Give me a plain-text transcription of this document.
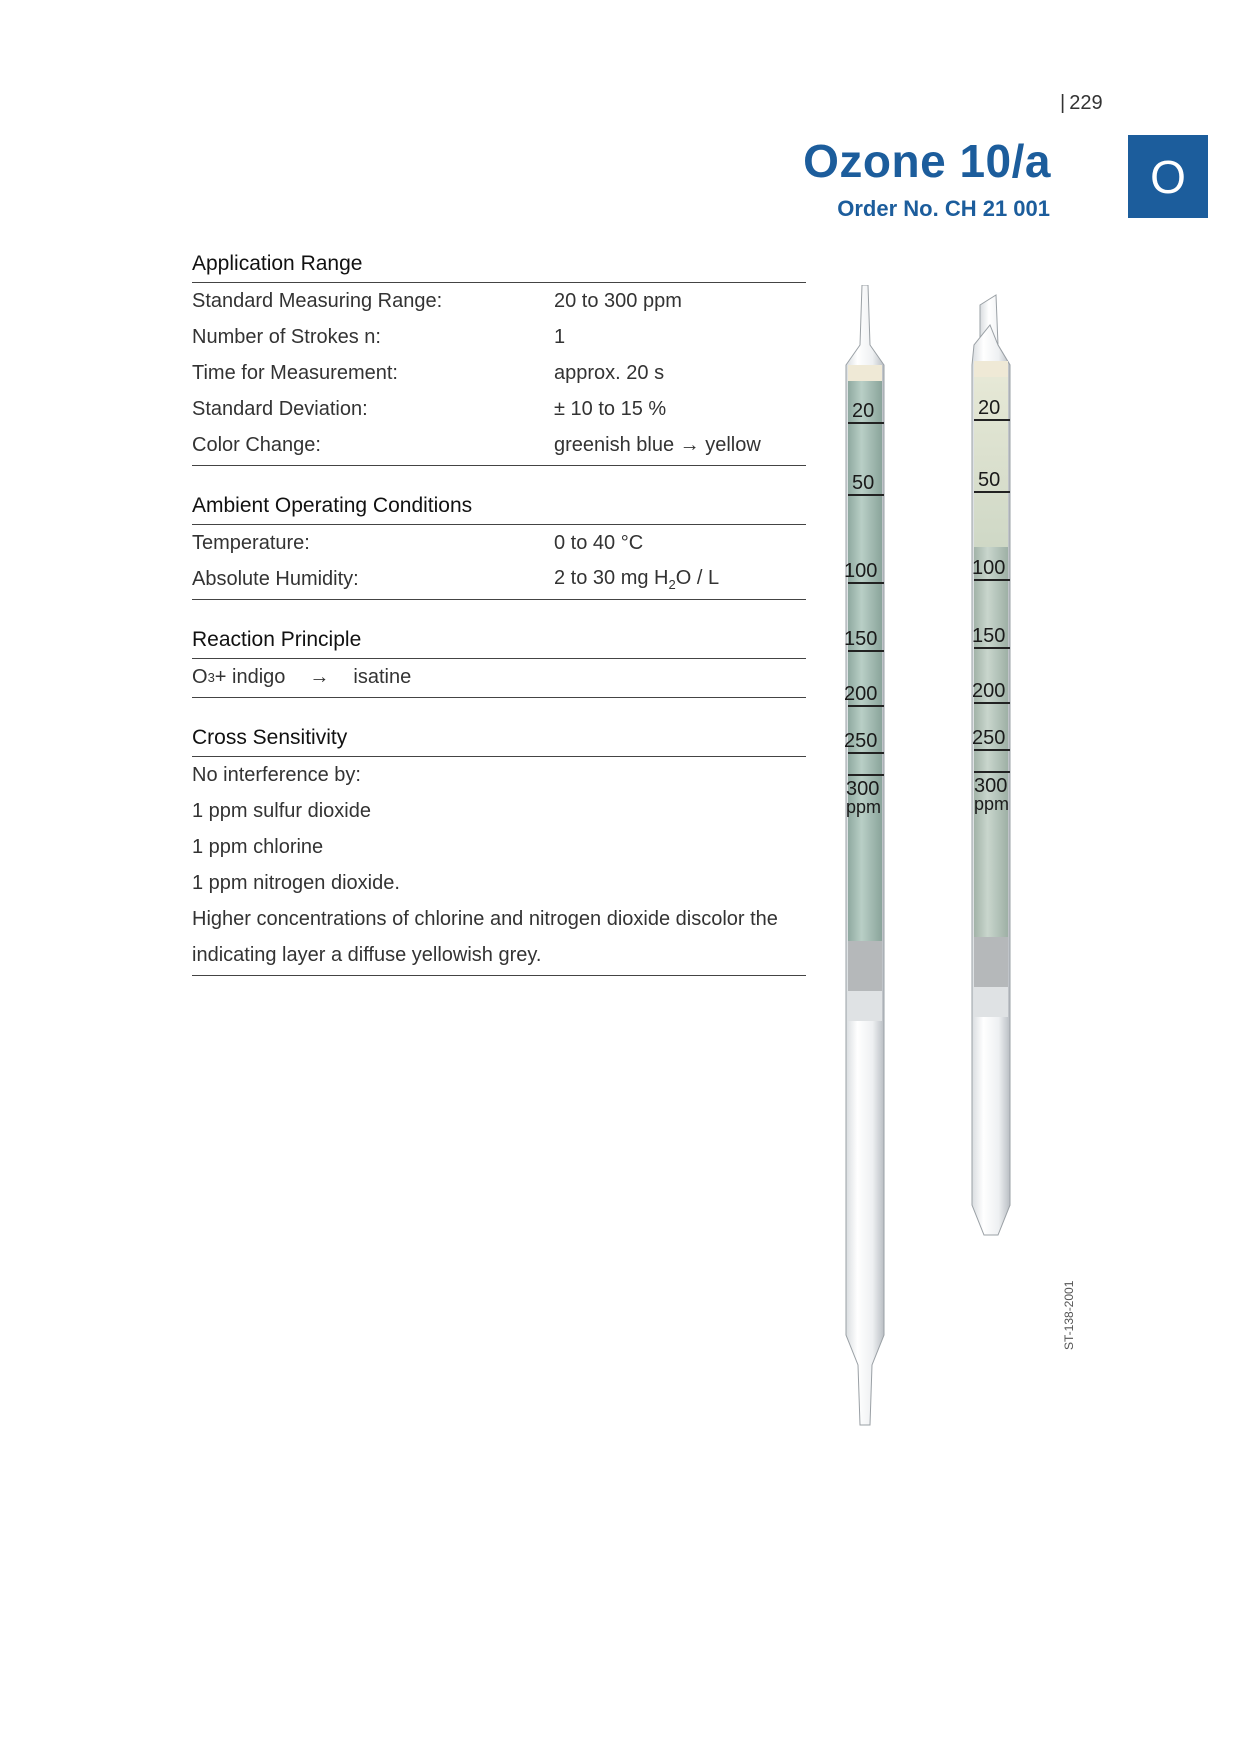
| 229
Ozone 10/a
Order No. CH 21 001
O
Application Range
Standard Measuring Range:	20 to 300 ppm
Number of Strokes n:	1
Time for Measurement:	approx. 20 s
Standard Deviation:	± 10 to 15 %
Color Change:	greenish blue → yellow
Ambient Operating Conditions
Temperature:	0 to 40 °C
Absolute Humidity:	2 to 30 mg $H_2O$ / L
Reaction Principle
O 3 + indigo → isatine
Cross Sensitivity
No interference by:
1 ppm sulfur dioxide
1 ppm chlorine
1 ppm nitrogen dioxide.
Higher concentrations of chlorine and nitrogen dioxide discolor the indicating layer a diffuse yellowish grey.
20
50
100
150
200
250
300
ppm
20
50
100
150
200
250
300
ppm
ST-138-2001
